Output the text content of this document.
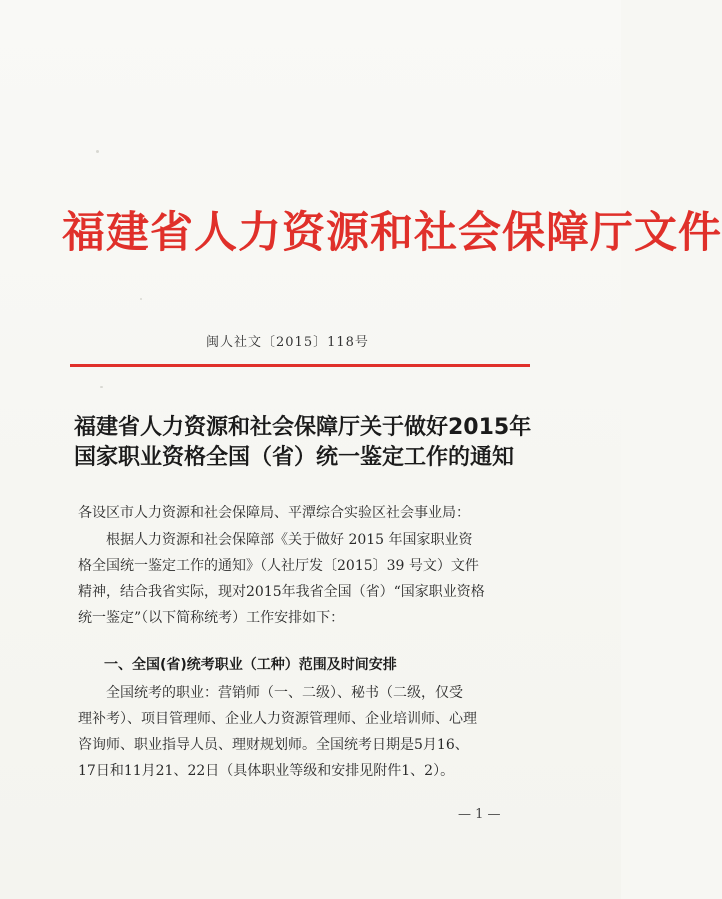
福建省人力资源和社会保障厅文件
闽人社文〔2015〕118号
福建省人力资源和社会保障厅关于做好2015年
国家职业资格全国（省）统一鉴定工作的通知
各设区市人力资源和社会保障局、平潭综合实验区社会事业局：
　　根据人力资源和社会保障部《关于做好 2015 年国家职业资
格全国统一鉴定工作的通知》（人社厅发〔2015〕39 号文）文件
精神，结合我省实际，现对2015年我省全国（省）“国家职业资格
统一鉴定”（以下简称统考）工作安排如下：
一、全国(省)统考职业（工种）范围及时间安排
　　全国统考的职业：营销师（一、二级）、秘书（二级，仅受
理补考）、项目管理师、企业人力资源管理师、企业培训师、心理
咨询师、职业指导人员、理财规划师。全国统考日期是5月16、
17日和11月21、22日（具体职业等级和安排见附件1、2）。
— 1 —
